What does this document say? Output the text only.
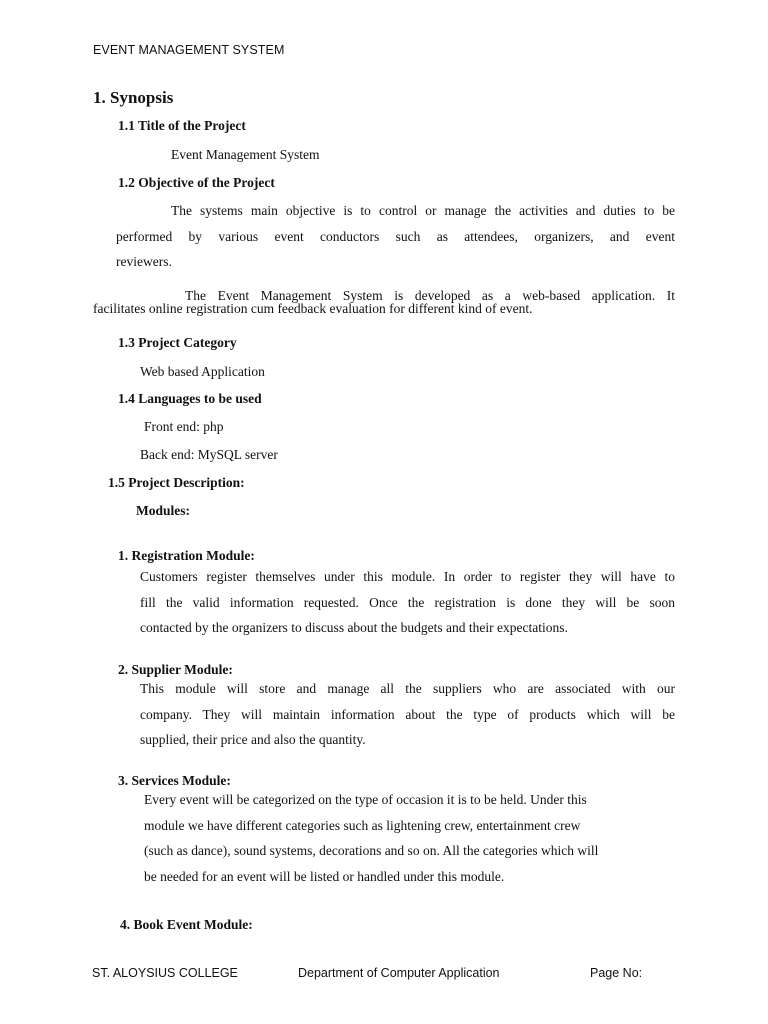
EVENT MANAGEMENT SYSTEM
1. Synopsis
1.1 Title of the Project
Event Management System
1.2 Objective of the Project
The systems main objective is to control or manage the activities and duties to be
performed by various event conductors such as attendees, organizers, and event
reviewers.
The Event Management System is developed as a web-based application. It
facilitates online registration cum feedback evaluation for different kind of event.
1.3 Project Category
Web based Application
1.4 Languages to be used
Front end: php
Back end: MySQL server
1.5 Project Description:
Modules:
1. Registration Module:
Customers register themselves under this module. In order to register they will have to
fill the valid information requested. Once the registration is done they will be soon
contacted by the organizers to discuss about the budgets and their expectations.
2. Supplier Module:
This module will store and manage all the suppliers who are associated with our
company. They will maintain information about the type of products which will be
supplied, their price and also the quantity.
3. Services Module:
Every event will be categorized on the type of occasion it is to be held. Under this
module we have different categories such as lightening crew, entertainment crew
(such as dance), sound systems, decorations and so on. All the categories which will
be needed for an event will be listed or handled under this module.
4. Book Event Module:
ST. ALOYSIUS COLLEGE	Department of Computer Application	Page No:
